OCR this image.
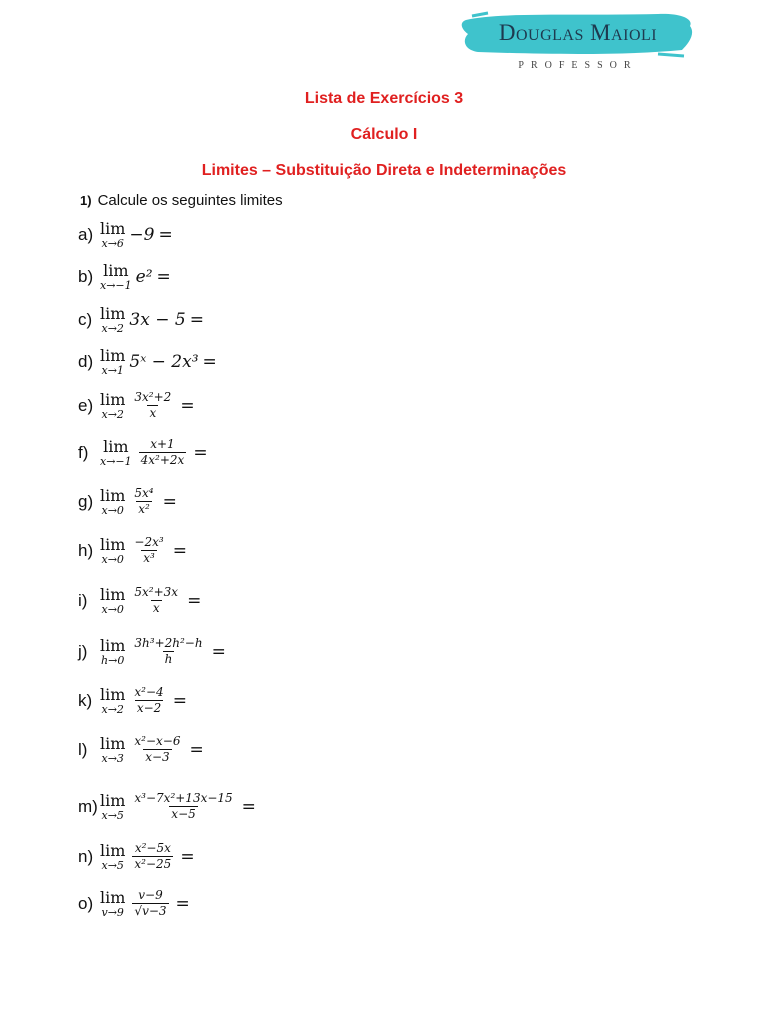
Douglas Maioli
PROFESSOR
Lista de Exercícios 3
Cálculo I
Limites – Substituição Direta e Indeterminações
1) Calcule os seguintes limites
a) lim
x→6 −9 =
b) lim
x→−1 e² =
c) lim
x→2 3x − 5 =
d) lim
x→1 5ˣ − 2x³ =
e) lim
$x\to 2 \frac{\text{3x²+2}}{x}$ =
f) lim
$x\to-1 \frac{x+1}{\text{4x²+2x}}$ =
g) lim
$x\to 0 \frac{\text{5x⁴}}{\text{x²}}$ =
h) lim
$x\to 0 \frac{\text{−2x³}}{\text{x³}}$ =
i) lim
$x\to 0 \frac{\text{5x²+3x}}{x}$ =
j) lim
$h\to 0 \frac{\text{3h³+2h²−h}}{h}$ =
k) lim
$x\to 2 \frac{\text{x²−4}}{x-2}$ =
l) lim
$x\to 3 \frac{\text{x²−x−6}}{x-3}$ =
m) lim
$x\to 5 \frac{\text{x³−7x²+13x−15}}{x-5}$ =
n) lim
$x\to 5 \frac{\text{x²−5x}}{\text{x²−25}}$ =
o) lim
$v\to 9 \frac{v-9}{√v-3}$ =
